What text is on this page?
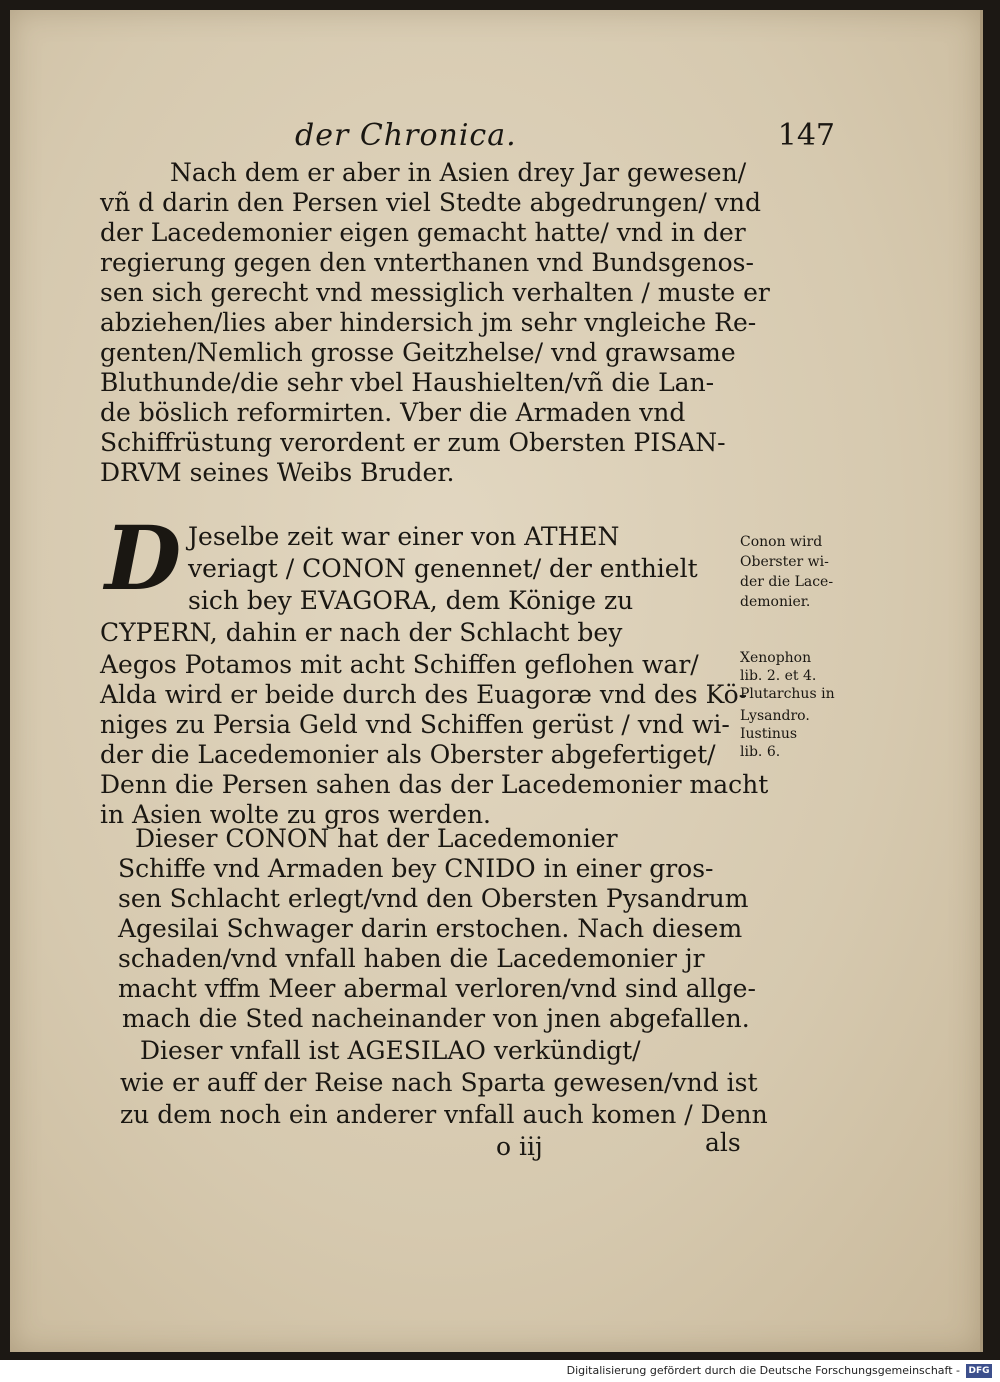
der Chronica.	147
Nach dem er aber in Asien drey Jar gewesen/
vñ d darin den Persen viel Stedte abgedrungen/ vnd
der Lacedemonier eigen gemacht hatte/ vnd in der
regierung gegen den vnterthanen vnd Bundsgenos-
sen sich gerecht vnd messiglich verhalten / muste er
abziehen/lies aber hindersich jm sehr vngleiche Re-
genten/Nemlich grosse Geitzhelse/ vnd grawsame
Bluthunde/die sehr vbel Haushielten/vñ die Lan-
de böslich reformirten. Vber die Armaden vnd
Schiffrüstung verordent er zum Obersten PISAN-
DRVM seines Weibs Bruder.
D Jeselbe zeit war einer von ATHEN
veriagt / CONON genennet/ der enthielt
sich bey EVAGORA, dem Könige zu
CYPERN, dahin er nach der Schlacht bey
Aegos Potamos mit acht Schiffen geflohen war/
Alda wird er beide durch des Euagoræ vnd des Kö-
niges zu Persia Geld vnd Schiffen gerüst / vnd wi-
der die Lacedemonier als Oberster abgefertiget/
Denn die Persen sahen das der Lacedemonier macht
in Asien wolte zu gros werden.
Conon wird
Oberster wi-
der die Lace-
demonier.
Xenophon
lib. 2. et 4.
Plutarchus in
Lysandro.
Iustinus
lib. 6.
Dieser CONON hat der Lacedemonier
Schiffe vnd Armaden bey CNIDO in einer gros-
sen Schlacht erlegt/vnd den Obersten Pysandrum
Agesilai Schwager darin erstochen. Nach diesem
schaden/vnd vnfall haben die Lacedemonier jr
macht vffm Meer abermal verloren/vnd sind allge-
mach die Sted nacheinander von jnen abgefallen.
Dieser vnfall ist AGESILAO verkündigt/
wie er auff der Reise nach Sparta gewesen/vnd ist
zu dem noch ein anderer vnfall auch komen / Denn
o iij	als
Digitalisierung gefördert durch die Deutsche Forschungsgemeinschaft - DFG
